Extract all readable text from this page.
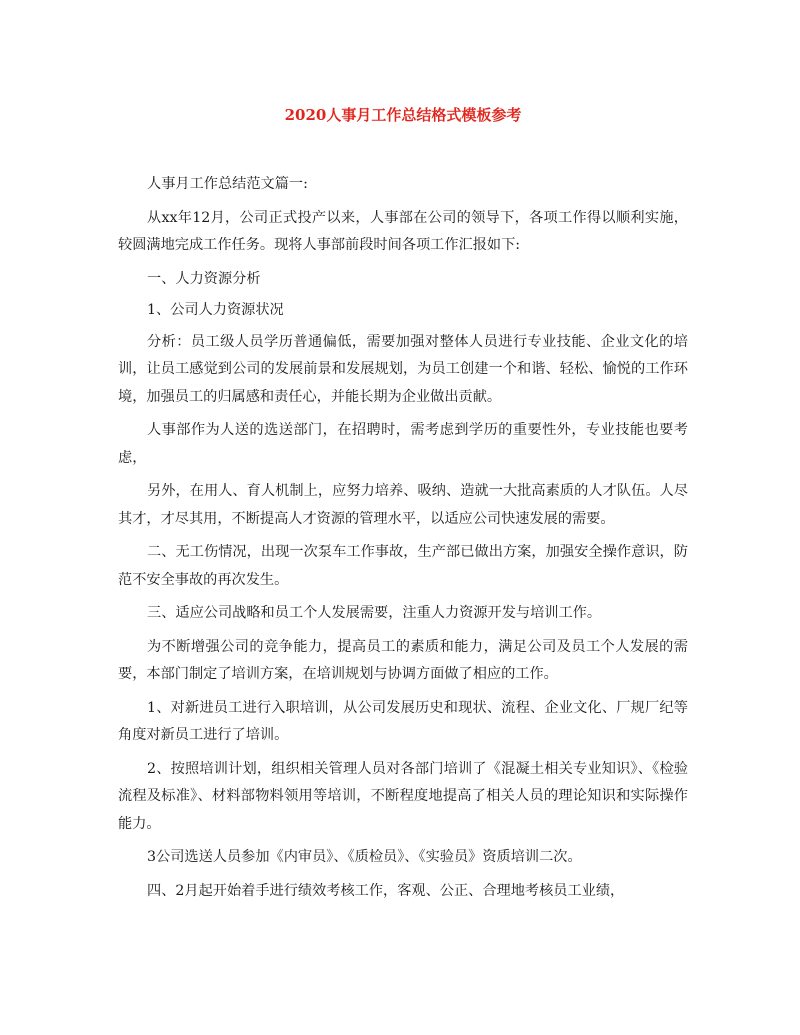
2020人事月工作总结格式模板参考

人事月工作总结范文篇一:

从xx年12月，公司正式投产以来，人事部在公司的领导下，各项工作得以顺利实施，较圆满地完成工作任务。现将人事部前段时间各项工作汇报如下:

一、人力资源分析

1、公司人力资源状况

分析：员工级人员学历普通偏低，需要加强对整体人员进行专业技能、企业文化的培训，让员工感觉到公司的发展前景和发展规划，为员工创建一个和谐、轻松、愉悦的工作环境，加强员工的归属感和责任心，并能长期为企业做出贡献。

人事部作为人送的选送部门，在招聘时，需考虑到学历的重要性外，专业技能也要考虑，

另外，在用人、育人机制上，应努力培养、吸纳、造就一大批高素质的人才队伍。人尽其才，才尽其用，不断提高人才资源的管理水平，以适应公司快速发展的需要。

二、无工伤情况，出现一次泵车工作事故，生产部已做出方案，加强安全操作意识，防范不安全事故的再次发生。

三、适应公司战略和员工个人发展需要，注重人力资源开发与培训工作。

为不断增强公司的竞争能力，提高员工的素质和能力，满足公司及员工个人发展的需要，本部门制定了培训方案，在培训规划与协调方面做了相应的工作。

1、对新进员工进行入职培训，从公司发展历史和现状、流程、企业文化、厂规厂纪等角度对新员工进行了培训。

2、按照培训计划，组织相关管理人员对各部门培训了《混凝土相关专业知识》、《检验流程及标准》、材料部物料领用等培训，不断程度地提高了相关人员的理论知识和实际操作能力。

3公司选送人员参加《内审员》、《质检员》、《实验员》资质培训二次。

四、2月起开始着手进行绩效考核工作，客观、公正、合理地考核员工业绩，
